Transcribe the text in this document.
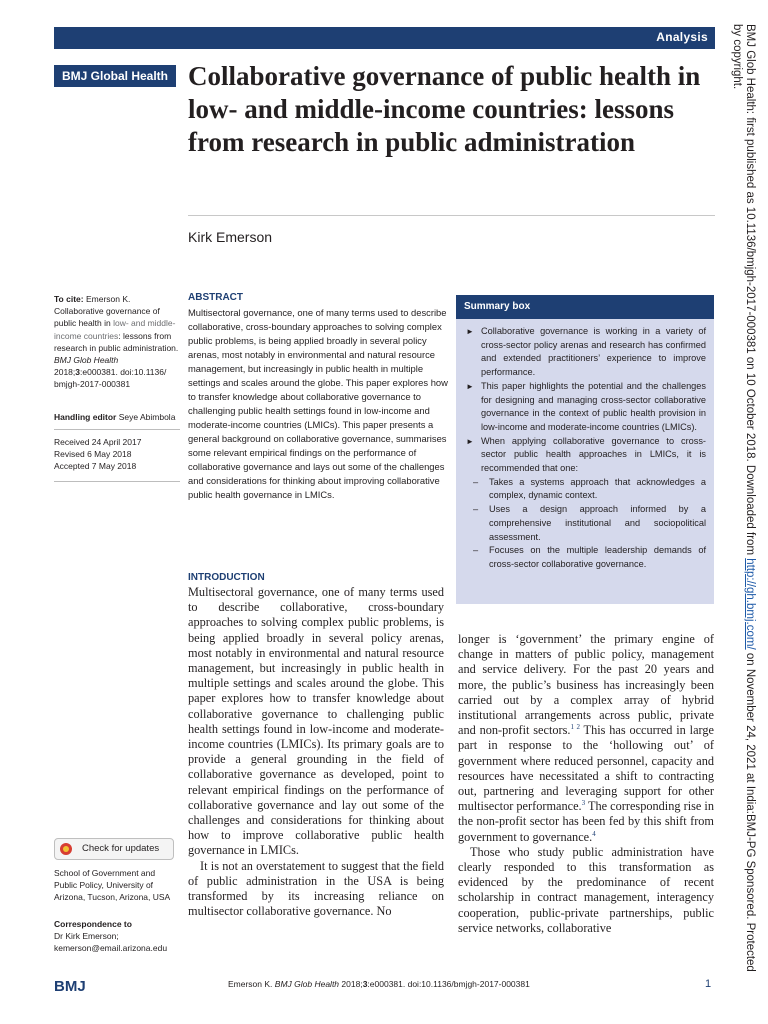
Analysis
BMJ Global Health Collaborative governance of public health in low- and middle-income countries: lessons from research in public administration
Kirk Emerson
To cite: Emerson K. Collaborative governance of public health in low- and middle-income countries: lessons from research in public administration. BMJ Glob Health 2018;3:e000381. doi:10.1136/ bmjgh-2017-000381
Handling editor Seye Abimbola
Received 24 April 2017
Revised 6 May 2018
Accepted 7 May 2018
Check for updates
School of Government and Public Policy, University of Arizona, Tucson, Arizona, USA
Correspondence to
Dr Kirk Emerson;
kemerson@email.arizona.edu
ABSTRACT
Multisectoral governance, one of many terms used to describe collaborative, cross-boundary approaches to solving complex public problems, is being applied broadly in several policy arenas, most notably in environmental and natural resource management, but increasingly in public health in multiple settings and scales around the globe. This paper explores how to transfer knowledge about collaborative governance to challenging public health settings found in low-income and moderate-income countries (LMICs). This paper presents a general background on collaborative governance, summarises some relevant empirical findings on the performance of collaborative governance and lays out some of the challenges and considerations for thinking about improving collaborative public health governance in LMICs.
Summary box
► Collaborative governance is working in a variety of cross-sector policy arenas and research has confirmed and extended practitioners’ experience to improve performance.
► This paper highlights the potential and the challenges for designing and managing cross-sector collaborative governance in the context of public health provision in low-income and moderate-income countries (LMICs).
► When applying collaborative governance to cross-sector public health approaches in LMICs, it is recommended that one:
– Takes a systems approach that acknowledges a complex, dynamic context.
– Uses a design approach informed by a comprehensive institutional and sociopolitical assessment.
– Focuses on the multiple leadership demands of cross-sector collaborative governance.
INTRODUCTION

Multisectoral governance, one of many terms used to describe collaborative, cross-boundary approaches to solving complex public problems, is being applied broadly in several policy arenas, most notably in environmental and natural resource management, but increasingly in public health in multiple settings and scales around the globe. This paper explores how to transfer knowledge about collaborative governance to challenging public health settings found in low-income and moderate-income countries (LMICs). Its primary goals are to provide a general grounding in the field of collaborative governance as developed, point to relevant empirical findings on the performance of collaborative governance and lay out some of the challenges and considerations for thinking about how to improve collaborative public health governance in LMICs.

It is not an overstatement to suggest that the field of public administration in the USA is being transformed by its increasing reliance on multisector collaborative governance. No

longer is ‘government’ the primary engine of change in matters of public policy, management and service delivery. For the past 20 years and more, the public’s business has increasingly been carried out by a complex array of hybrid institutional arrangements across public, private and non-profit sectors.$^{1 2}$ This has occurred in large part in response to the ‘hollowing out’ of government where reduced personnel, capacity and resources have necessitated a shift to contracting out, partnering and leveraging support for other multisector performance.$^3$ The corresponding rise in the non-profit sector has been fed by this shift from government to governance.$^4$

Those who study public administration have clearly responded to this transformation as evidenced by the predominance of recent scholarship in contract management, interagency cooperation, public-private partnerships, public service networks, collaborative

BMJ	Emerson K. BMJ Glob Health 2018;3:e000381. doi:10.1136/bmjgh-2017-000381	1
BMJ Glob Health: first published as 10.1136/bmjgh-2017-000381 on 10 October 2018. Downloaded from http://gh.bmj.com/ on November 24, 2021 at India:BMJ-PG Sponsored. Protected by copyright.
